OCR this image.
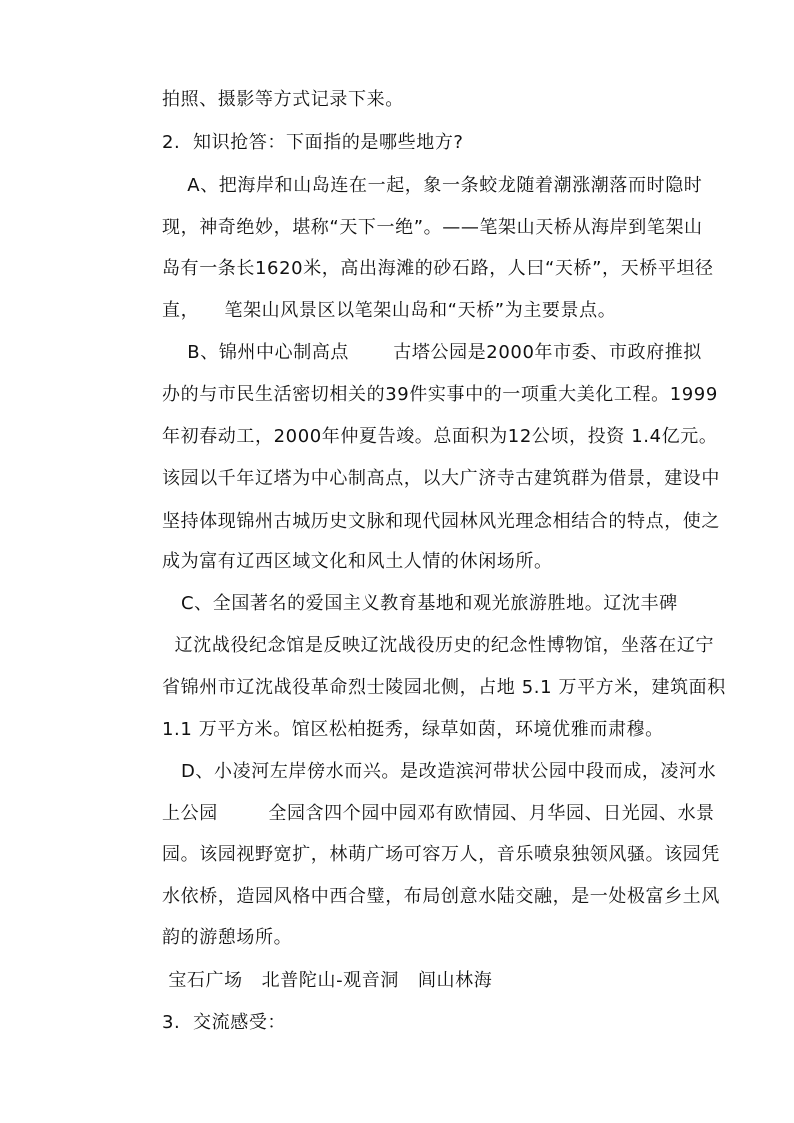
拍照、摄影等方式记录下来。
2.  知识抢答：下面指的是哪些地方?
A、把海岸和山岛连在一起，象一条蛟龙随着潮涨潮落而时隐时
现，神奇绝妙，堪称“天下一绝”。——笔架山天桥从海岸到笔架山
岛有一条长1620米，高出海滩的砂石路，人曰“天桥”，天桥平坦径
直，    笔架山风景区以笔架山岛和“天桥”为主要景点。
B、锦州中心制高点       古塔公园是2000年市委、市政府推拟
办的与市民生活密切相关的39件实事中的一项重大美化工程。1999
年初春动工，2000年仲夏告竣。总面积为12公顷，投资 1.4亿元。
该园以千年辽塔为中心制高点，以大广济寺古建筑群为借景，建设中
坚持体现锦州古城历史文脉和现代园林风光理念相结合的特点，使之
成为富有辽西区域文化和风土人情的休闲场所。
C、全国著名的爱国主义教育基地和观光旅游胜地。辽沈丰碑
辽沈战役纪念馆是反映辽沈战役历史的纪念性博物馆，坐落在辽宁
省锦州市辽沈战役革命烈士陵园北侧，占地 5.1 万平方米，建筑面积
1.1 万平方米。馆区松柏挺秀，绿草如茵，环境优雅而肃穆。
D、小凌河左岸傍水而兴。是改造滨河带状公园中段而成，凌河水
上公园        全园含四个园中园邓有欧情园、月华园、日光园、水景
园。该园视野宽扩，林萌广场可容万人，音乐喷泉独领风骚。该园凭
水依桥，造园风格中西合璧，布局创意水陆交融，是一处极富乡土风
韵的游憩场所。
宝石广场   北普陀山-观音洞   闾山林海
3.  交流感受：
